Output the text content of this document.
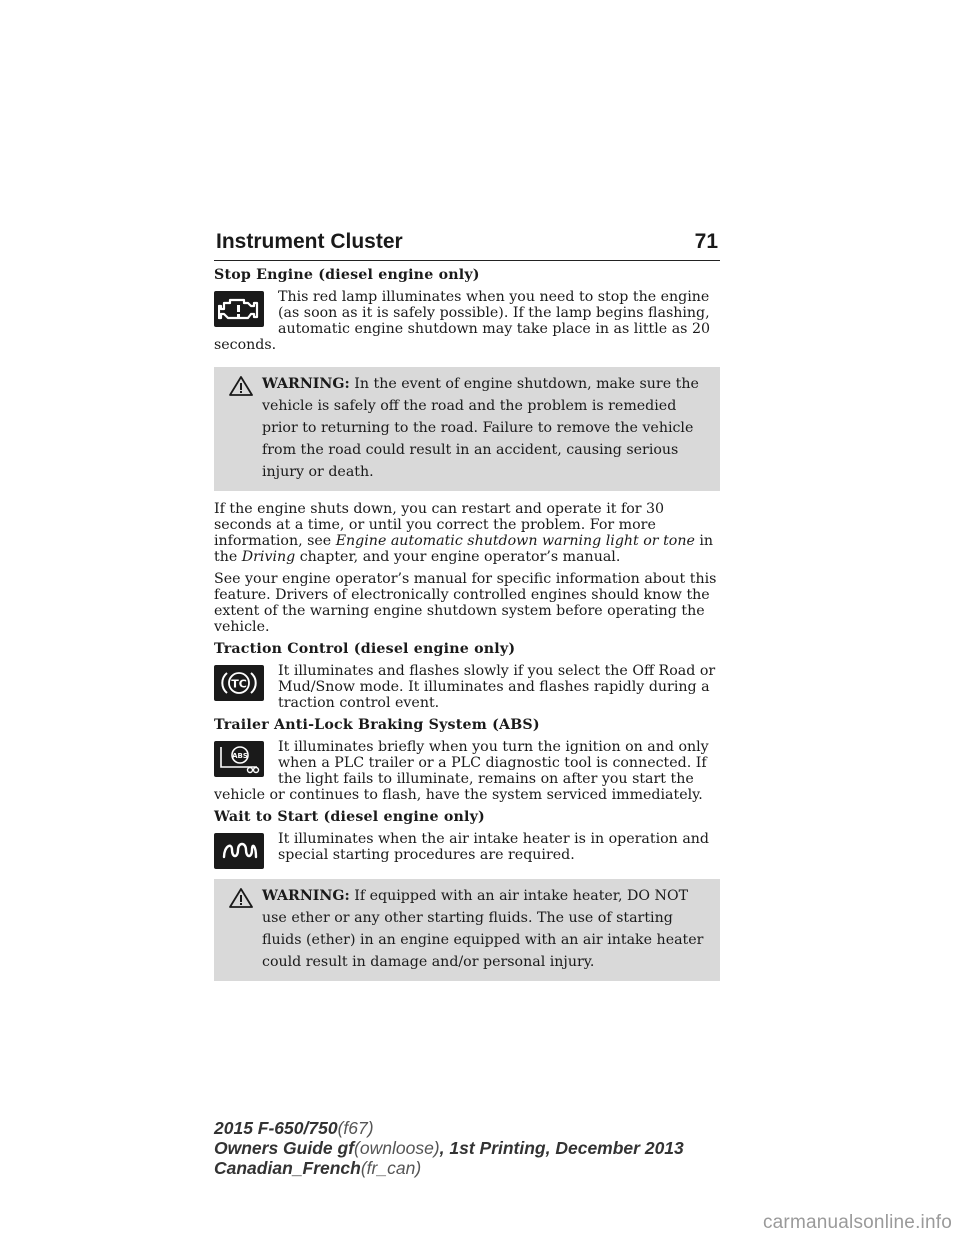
Instrument Cluster	71
Stop Engine (diesel engine only)

This red lamp illuminates when you need to stop the engine (as soon as it is safely possible). If the lamp begins flashing, automatic engine shutdown may take place in as little as 20 seconds.

WARNING: In the event of engine shutdown, make sure the vehicle is safely off the road and the problem is remedied prior to returning to the road. Failure to remove the vehicle from the road could result in an accident, causing serious injury or death.

If the engine shuts down, you can restart and operate it for 30 seconds at a time, or until you correct the problem. For more information, see Engine automatic shutdown warning light or tone in the Driving chapter, and your engine operator’s manual.

See your engine operator’s manual for specific information about this feature. Drivers of electronically controlled engines should know the extent of the warning engine shutdown system before operating the vehicle.

Traction Control (diesel engine only)
TC

It illuminates and flashes slowly if you select the Off Road or Mud/Snow mode. It illuminates and flashes rapidly during a traction control event.

Trailer Anti-Lock Braking System (ABS)
ABS

It illuminates briefly when you turn the ignition on and only when a PLC trailer or a PLC diagnostic tool is connected. If the light fails to illuminate, remains on after you start the vehicle or continues to flash, have the system serviced immediately.

Wait to Start (diesel engine only)

It illuminates when the air intake heater is in operation and special starting procedures are required.

WARNING: If equipped with an air intake heater, DO NOT use ether or any other starting fluids. The use of starting fluids (ether) in an engine equipped with an air intake heater could result in damage and/or personal injury.
2015 F-650/750(f67)
Owners Guide gf(ownloose), 1st Printing, December 2013
Canadian_French(fr_can)
carmanualsonline.info
